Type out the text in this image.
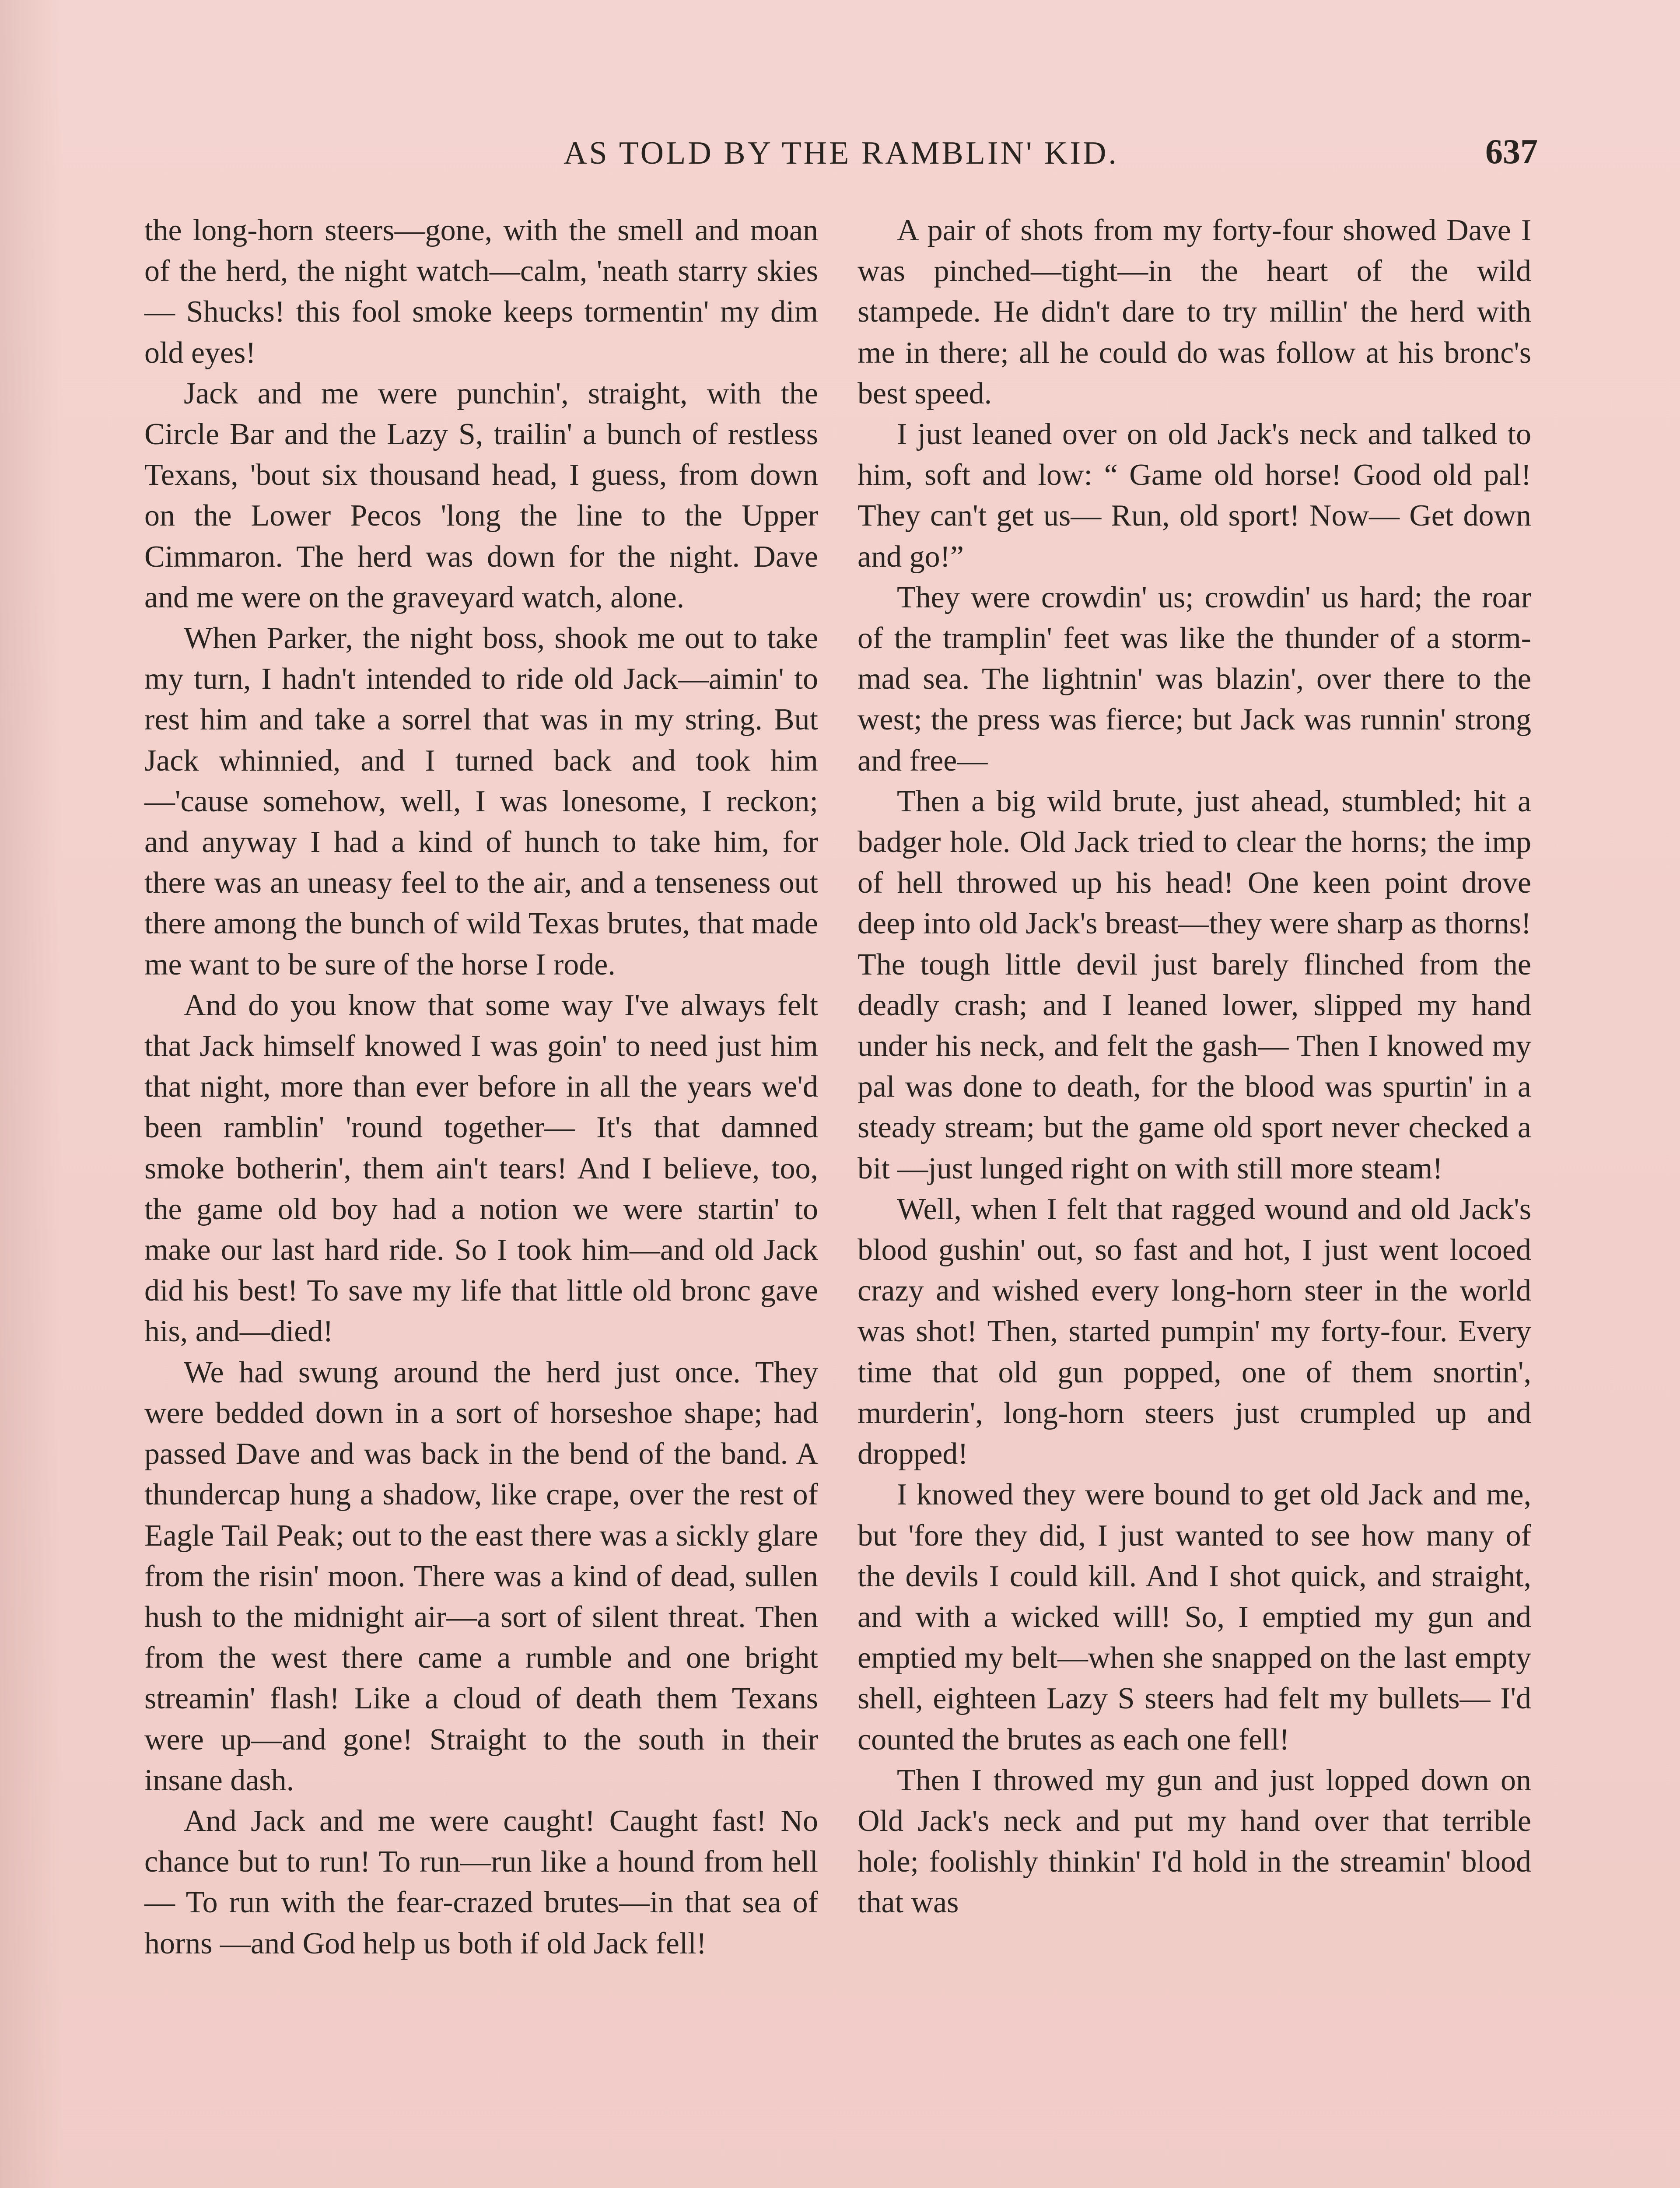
AS TOLD BY THE RAMBLIN' KID.	637

the long-horn steers—gone, with the smell and moan of the herd, the night watch—calm, 'neath starry skies— Shucks! this fool smoke keeps tormentin' my dim old eyes!

Jack and me were punchin', straight, with the Circle Bar and the Lazy S, trailin' a bunch of restless Texans, 'bout six thousand head, I guess, from down on the Lower Pecos 'long the line to the Upper Cimmaron. The herd was down for the night. Dave and me were on the graveyard watch, alone.

When Parker, the night boss, shook me out to take my turn, I hadn't intended to ride old Jack—aimin' to rest him and take a sorrel that was in my string. But Jack whinnied, and I turned back and took him —'cause somehow, well, I was lonesome, I reckon; and anyway I had a kind of hunch to take him, for there was an uneasy feel to the air, and a tenseness out there among the bunch of wild Texas brutes, that made me want to be sure of the horse I rode.

And do you know that some way I've always felt that Jack himself knowed I was goin' to need just him that night, more than ever before in all the years we'd been ramblin' 'round together— It's that damned smoke botherin', them ain't tears! And I believe, too, the game old boy had a notion we were startin' to make our last hard ride. So I took him—and old Jack did his best! To save my life that little old bronc gave his, and—died!

We had swung around the herd just once. They were bedded down in a sort of horseshoe shape; had passed Dave and was back in the bend of the band. A thundercap hung a shadow, like crape, over the rest of Eagle Tail Peak; out to the east there was a sickly glare from the risin' moon. There was a kind of dead, sullen hush to the midnight air—a sort of silent threat. Then from the west there came a rumble and one bright streamin' flash! Like a cloud of death them Texans were up—and gone! Straight to the south in their insane dash.

And Jack and me were caught! Caught fast! No chance but to run! To run—run like a hound from hell— To run with the fear-crazed brutes—in that sea of horns —and God help us both if old Jack fell!

A pair of shots from my forty-four showed Dave I was pinched—tight—in the heart of the wild stampede. He didn't dare to try millin' the herd with me in there; all he could do was follow at his bronc's best speed.

I just leaned over on old Jack's neck and talked to him, soft and low: “ Game old horse! Good old pal! They can't get us— Run, old sport! Now— Get down and go!”

They were crowdin' us; crowdin' us hard; the roar of the tramplin' feet was like the thunder of a storm-mad sea. The lightnin' was blazin', over there to the west; the press was fierce; but Jack was runnin' strong and free—

Then a big wild brute, just ahead, stumbled; hit a badger hole. Old Jack tried to clear the horns; the imp of hell throwed up his head! One keen point drove deep into old Jack's breast—they were sharp as thorns! The tough little devil just barely flinched from the deadly crash; and I leaned lower, slipped my hand under his neck, and felt the gash— Then I knowed my pal was done to death, for the blood was spurtin' in a steady stream; but the game old sport never checked a bit —just lunged right on with still more steam!

Well, when I felt that ragged wound and old Jack's blood gushin' out, so fast and hot, I just went locoed crazy and wished every long-horn steer in the world was shot! Then, started pumpin' my forty-four. Every time that old gun popped, one of them snortin', murderin', long-horn steers just crumpled up and dropped!

I knowed they were bound to get old Jack and me, but 'fore they did, I just wanted to see how many of the devils I could kill. And I shot quick, and straight, and with a wicked will! So, I emptied my gun and emptied my belt—when she snapped on the last empty shell, eighteen Lazy S steers had felt my bullets— I'd counted the brutes as each one fell!

Then I throwed my gun and just lopped down on Old Jack's neck and put my hand over that terrible hole; foolishly thinkin' I'd hold in the streamin' blood that was
